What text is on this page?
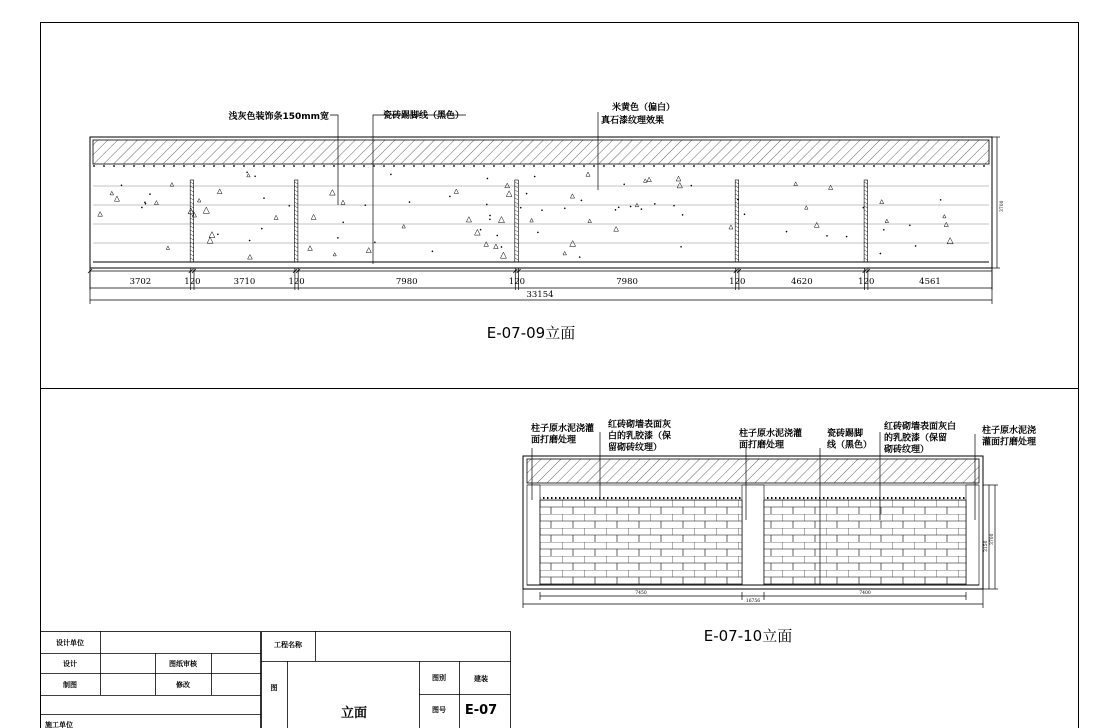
浅灰色装饰条150mm宽	瓷砖踢脚线（黑色）
米黄色（偏白）
真石漆纹理效果
3700
3702	120	3710	120	7980	120	7980	120	4620	120	4561
33154
E-07-09立面
柱子原水泥浇灌
面打磨处理
红砖砌墙表面灰
白的乳胶漆（保
留砌砖纹理）
柱子原水泥浇灌
面打磨处理
瓷砖踢脚
线（黑色）
红砖砌墙表面灰白
的乳胶漆（保留
砌砖纹理）
柱子原水泥浇
灌面打磨处理
3700
3150
7450	7400
16756
E-07-10立面
设计单位
设计	图纸审核
制图	修改
施工单位
工程名称
图
立面
图别	建装
图号 E-07
